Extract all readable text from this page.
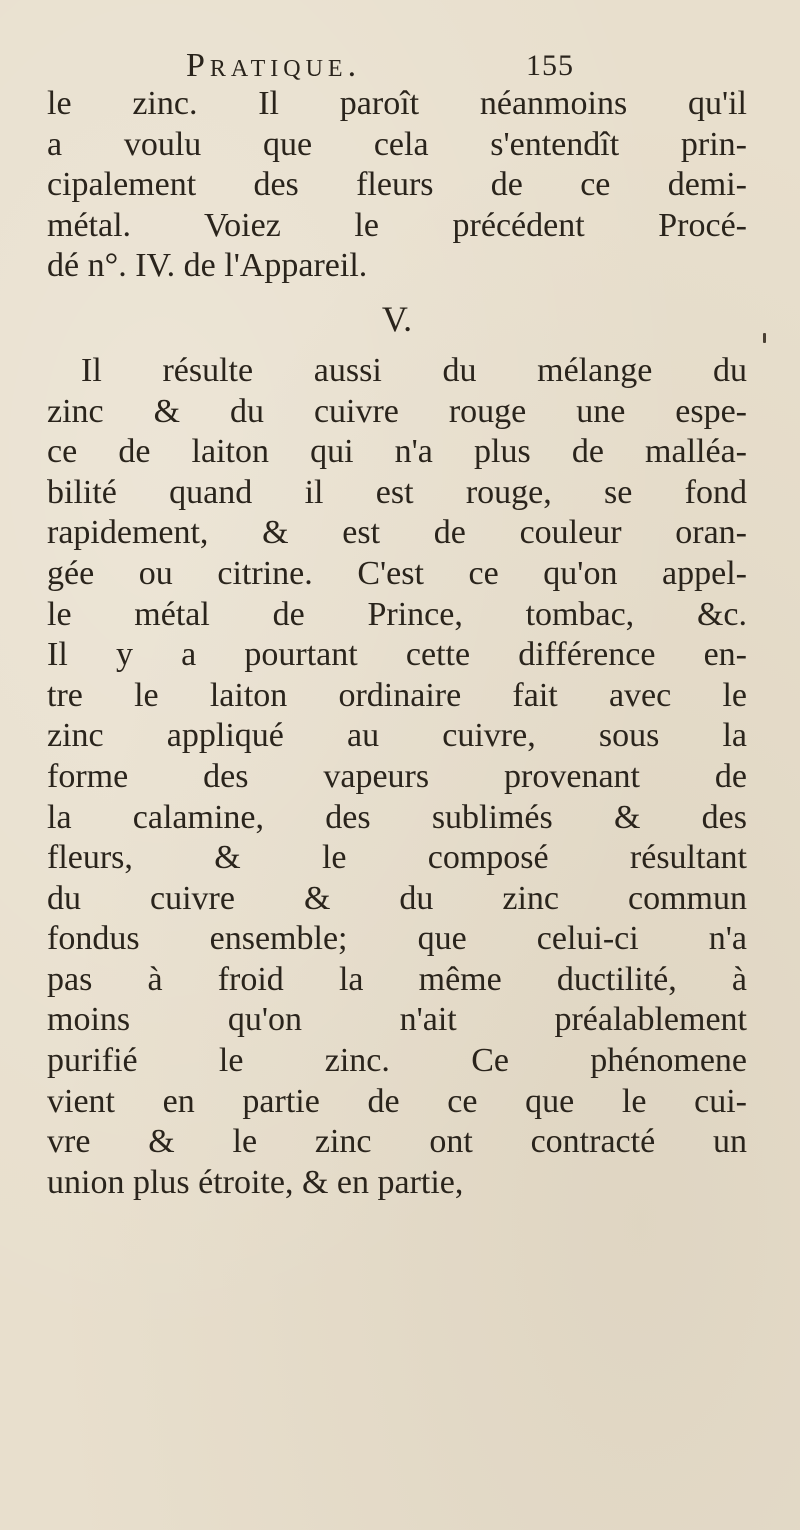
Pratique.	155
le zinc. Il paroît néanmoins qu'il
a voulu que cela s'entendît prin-
cipalement des fleurs de ce demi-
métal. Voiez le précédent Procé-
dé n°. IV. de l'Appareil.
V.
Il résulte aussi du mélange du
zinc & du cuivre rouge une espe-
ce de laiton qui n'a plus de malléa-
bilité quand il est rouge, se fond
rapidement, & est de couleur oran-
gée ou citrine. C'est ce qu'on appel-
le métal de Prince, tombac, &c.
Il y a pourtant cette différence en-
tre le laiton ordinaire fait avec le
zinc appliqué au cuivre, sous la
forme des vapeurs provenant de
la calamine, des sublimés & des
fleurs, & le composé résultant
du cuivre & du zinc commun
fondus ensemble; que celui-ci n'a
pas à froid la même ductilité, à
moins qu'on n'ait préalablement
purifié le zinc. Ce phénomene
vient en partie de ce que le cui-
vre & le zinc ont contracté un
union plus étroite, & en partie,
